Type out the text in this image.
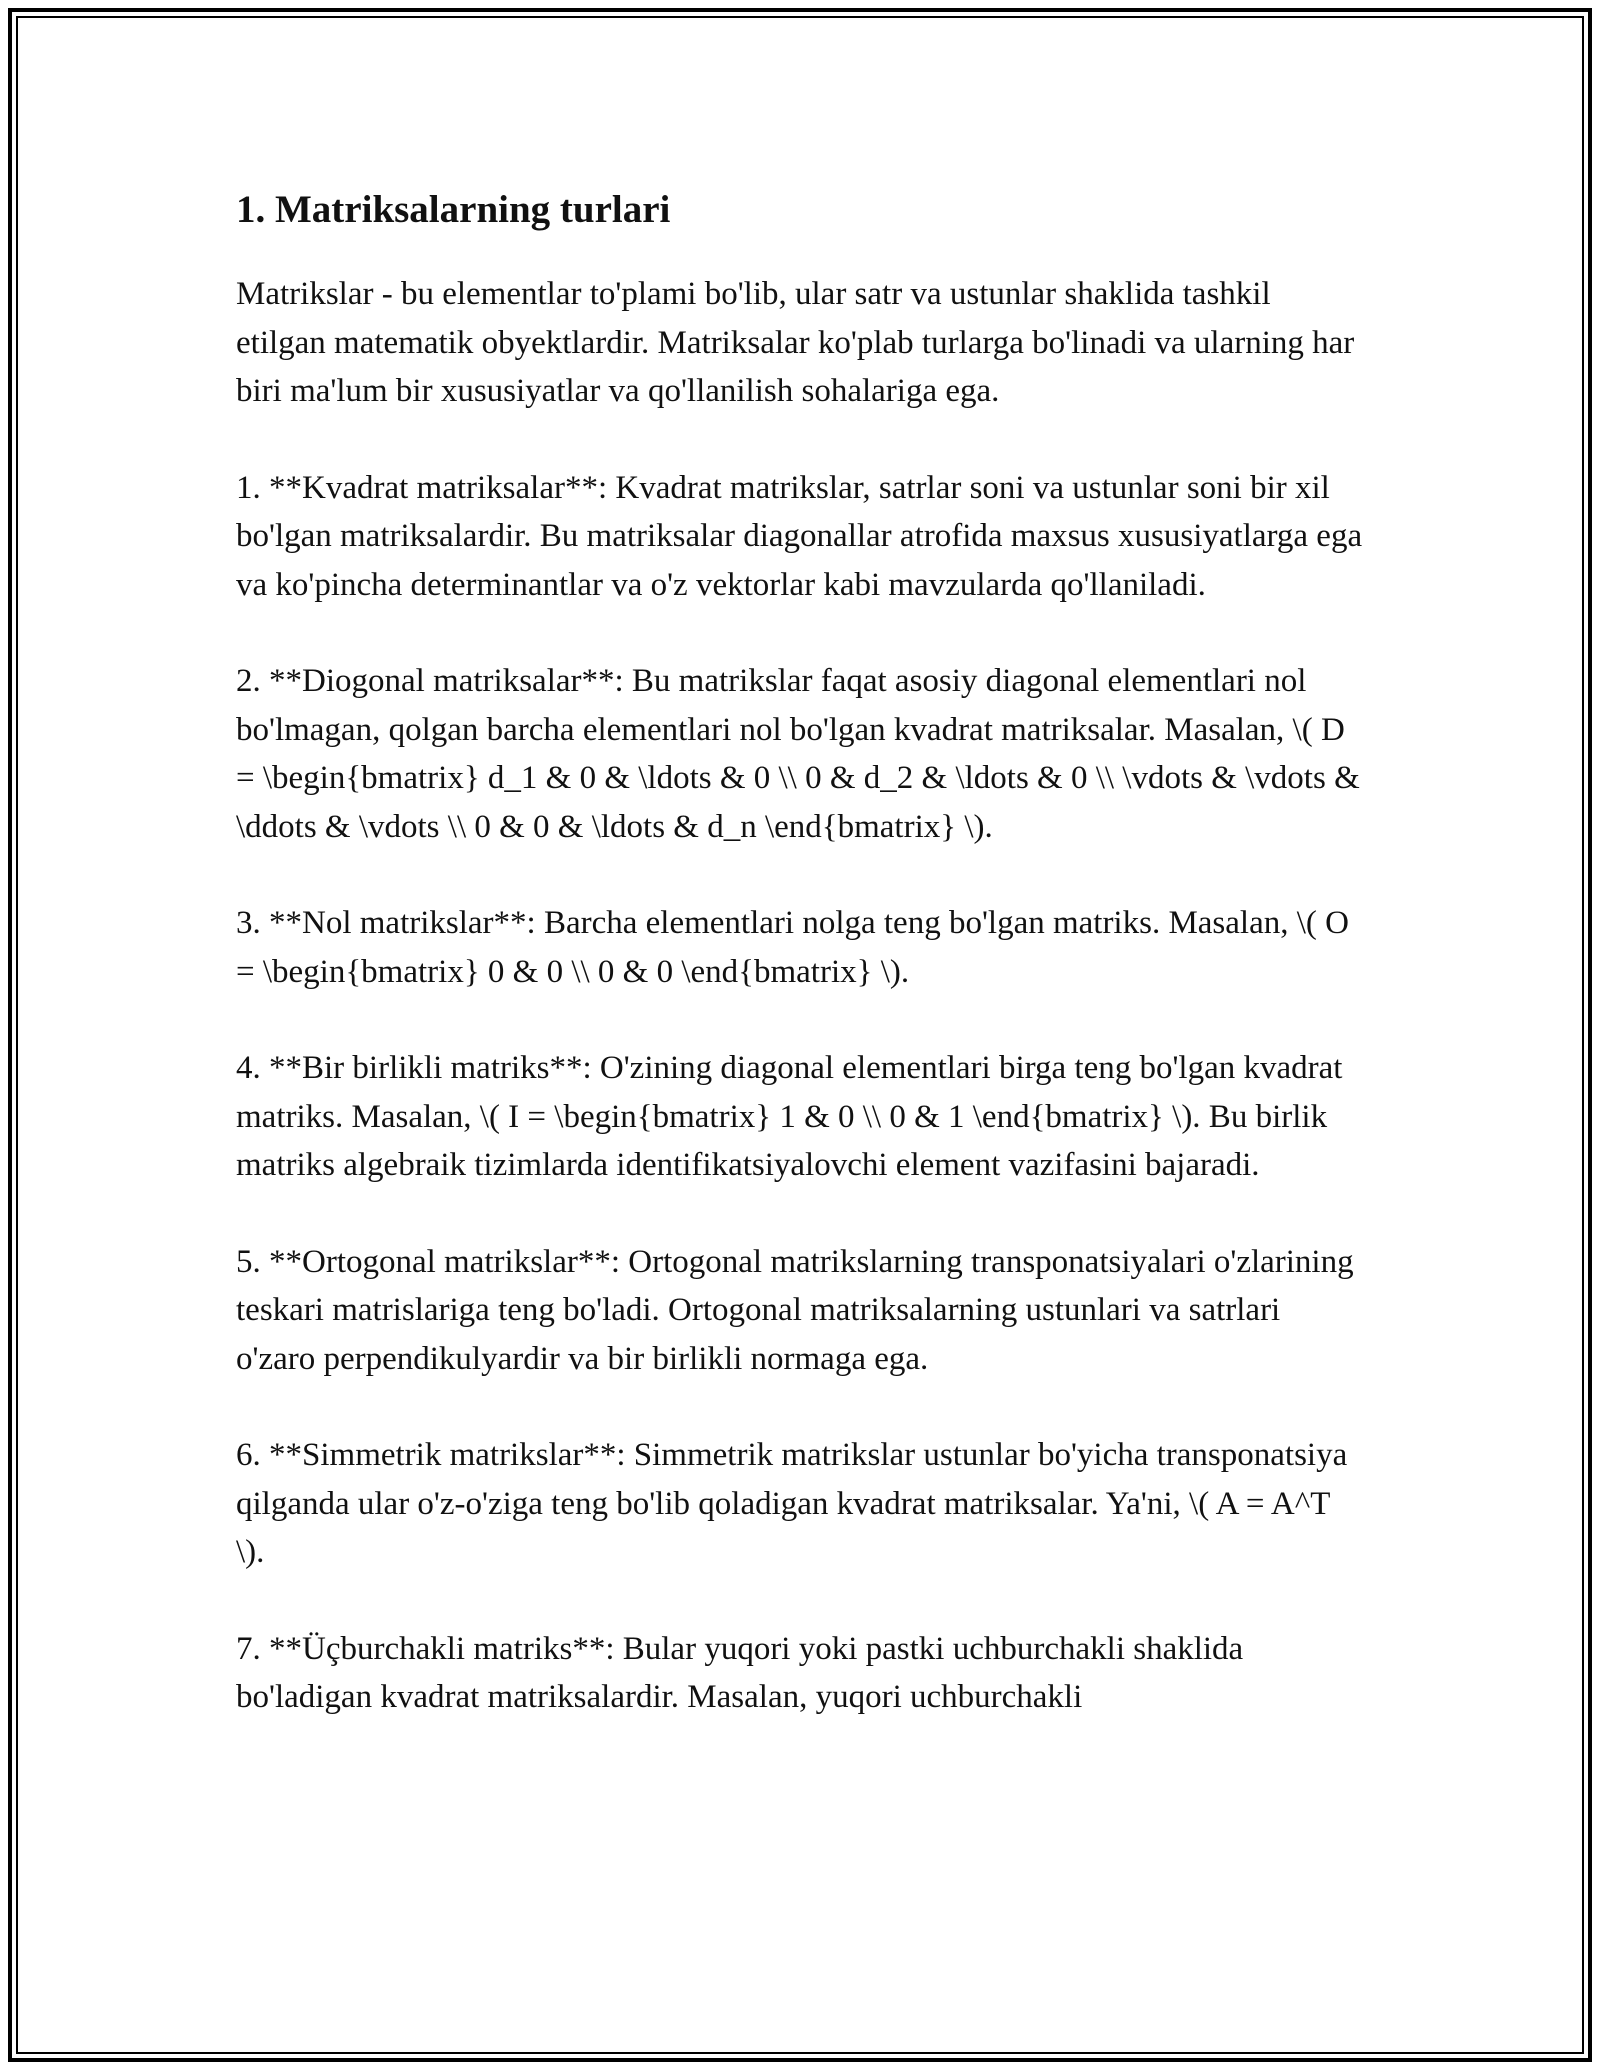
1. Matriksalarning turlari

Matrikslar - bu elementlar to'plami bo'lib, ular satr va ustunlar shaklida tashkil etilgan matematik obyektlardir. Matriksalar ko'plab turlarga bo'linadi va ularning har biri ma'lum bir xususiyatlar va qo'llanilish sohalariga ega.

1. **Kvadrat matriksalar**: Kvadrat matrikslar, satrlar soni va ustunlar soni bir xil bo'lgan matriksalardir. Bu matriksalar diagonallar atrofida maxsus xususiyatlarga ega va ko'pincha determinantlar va o'z vektorlar kabi mavzularda qo'llaniladi.

2. **Diogonal matriksalar**: Bu matrikslar faqat asosiy diagonal elementlari nol bo'lmagan, qolgan barcha elementlari nol bo'lgan kvadrat matriksalar. Masalan, \( D = \begin{bmatrix} d_1 & 0 & \ldots & 0 \\ 0 & d_2 & \ldots & 0 \\ \vdots & \vdots & \ddots & \vdots \\ 0 & 0 & \ldots & d_n \end{bmatrix} \).

3. **Nol matrikslar**: Barcha elementlari nolga teng bo'lgan matriks. Masalan, \( O = \begin{bmatrix} 0 & 0 \\ 0 & 0 \end{bmatrix} \).

4. **Bir birlikli matriks**: O'zining diagonal elementlari birga teng bo'lgan kvadrat matriks. Masalan, \( I = \begin{bmatrix} 1 & 0 \\ 0 & 1 \end{bmatrix} \). Bu birlik matriks algebraik tizimlarda identifikatsiyalovchi element vazifasini bajaradi.

5. **Ortogonal matrikslar**: Ortogonal matrikslarning transponatsiyalari o'zlarining teskari matrislariga teng bo'ladi. Ortogonal matriksalarning ustunlari va satrlari o'zaro perpendikulyardir va bir birlikli normaga ega.

6. **Simmetrik matrikslar**: Simmetrik matrikslar ustunlar bo'yicha transponatsiya qilganda ular o'z-o'ziga teng bo'lib qoladigan kvadrat matriksalar. Ya'ni, \( A = A^T \).

7. **Üçburchakli matriks**: Bular yuqori yoki pastki uchburchakli shaklida bo'ladigan kvadrat matriksalardir. Masalan, yuqori uchburchakli
